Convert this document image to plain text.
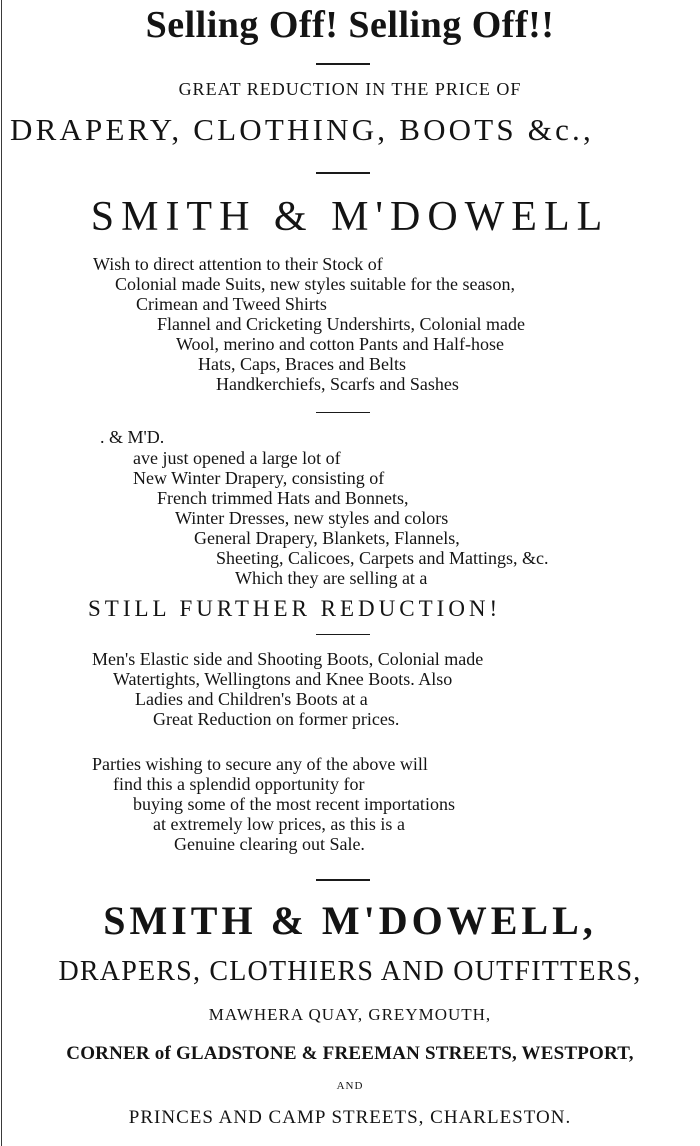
Selling Off! Selling Off!!
GREAT REDUCTION IN THE PRICE OF
DRAPERY, CLOTHING, BOOTS &c.,
SMITH & M'DOWELL
Wish to direct attention to their Stock of
Colonial made Suits, new styles suitable for the season,
Crimean and Tweed Shirts
Flannel and Cricketing Undershirts, Colonial made
Wool, merino and cotton Pants and Half-hose
Hats, Caps, Braces and Belts
Handkerchiefs, Scarfs and Sashes
. & M'D.
ave just opened a large lot of
New Winter Drapery, consisting of
French trimmed Hats and Bonnets,
Winter Dresses, new styles and colors
General Drapery, Blankets, Flannels,
Sheeting, Calicoes, Carpets and Mattings, &c.
Which they are selling at a
STILL FURTHER REDUCTION!
Men's Elastic side and Shooting Boots, Colonial made
Watertights, Wellingtons and Knee Boots. Also
Ladies and Children's Boots at a
Great Reduction on former prices.
Parties wishing to secure any of the above will
find this a splendid opportunity for
buying some of the most recent importations
at extremely low prices, as this is a
Genuine clearing out Sale.
SMITH & M'DOWELL,
DRAPERS, CLOTHIERS AND OUTFITTERS,
MAWHERA QUAY, GREYMOUTH,
CORNER of GLADSTONE & FREEMAN STREETS, WESTPORT,
AND
PRINCES AND CAMP STREETS, CHARLESTON.
